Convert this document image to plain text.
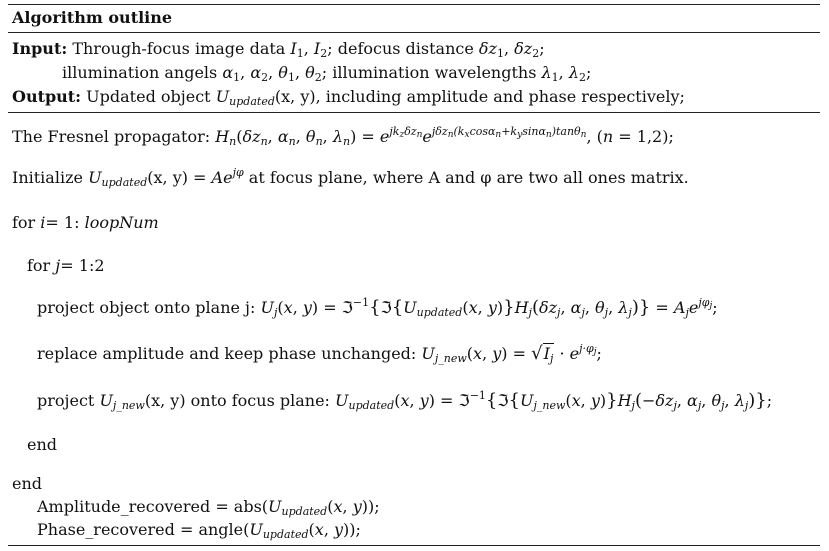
Algorithm outline
Input: Through-focus image data $I_1$, $I_2$; defocus distance $\delta z_1$, $\delta z_2$;
illumination angels $\alpha_1$, $\alpha_2$, $\theta_1$, $\theta_2$; illumination wavelengths $\lambda_1$, $\lambda_2$;
Output: Updated object $U_{updated}(x$, y), including amplitude and phase respectively;
The Fresnel propagator: $H_n(\delta z_n$, $\alpha_n$, $\theta_n$, $\lambda_n) = e^{jk_z\delta z_n}e^{j\delta z_n(k_xcos\alpha_n+k_ysin\alpha_n)tan\theta_n}$, (n = 1,2);
Initialize $U_{updated}(x$, $y) = Ae^{j\varphi}$ at focus plane, where A and φ are two all ones matrix.
for i= 1: loopNum
for j= 1:2
project object onto plane j: $U_j(x$, $y) = ℑ^{-1}\{ℑ\{U_{updated}(x$, $y)\}H_j(\delta z_j$, $\alpha_j$, $\theta_j$, $\lambda_j)\} = A_je^{j\varphi_j}$;
replace amplitude and keep phase unchanged: $U_{j\_new}(x$, $y) = √I_j \cdot e^{j\cdot\varphi_j}$;
project $U_{j\_new}(x$, y) onto focus plane: $U_{updated}(x$, $y) = ℑ^{-1}\{ℑ\{U_{j\_new}(x$, $y)\}H_j(-\delta z_j$, $\alpha_j$, $\theta_j$, $\lambda_j$)};
end
end
Amplitude_recovered = $abs(U_{updated}(x$, y));
Phase_recovered = $angle(U_{updated}(x$, y));
